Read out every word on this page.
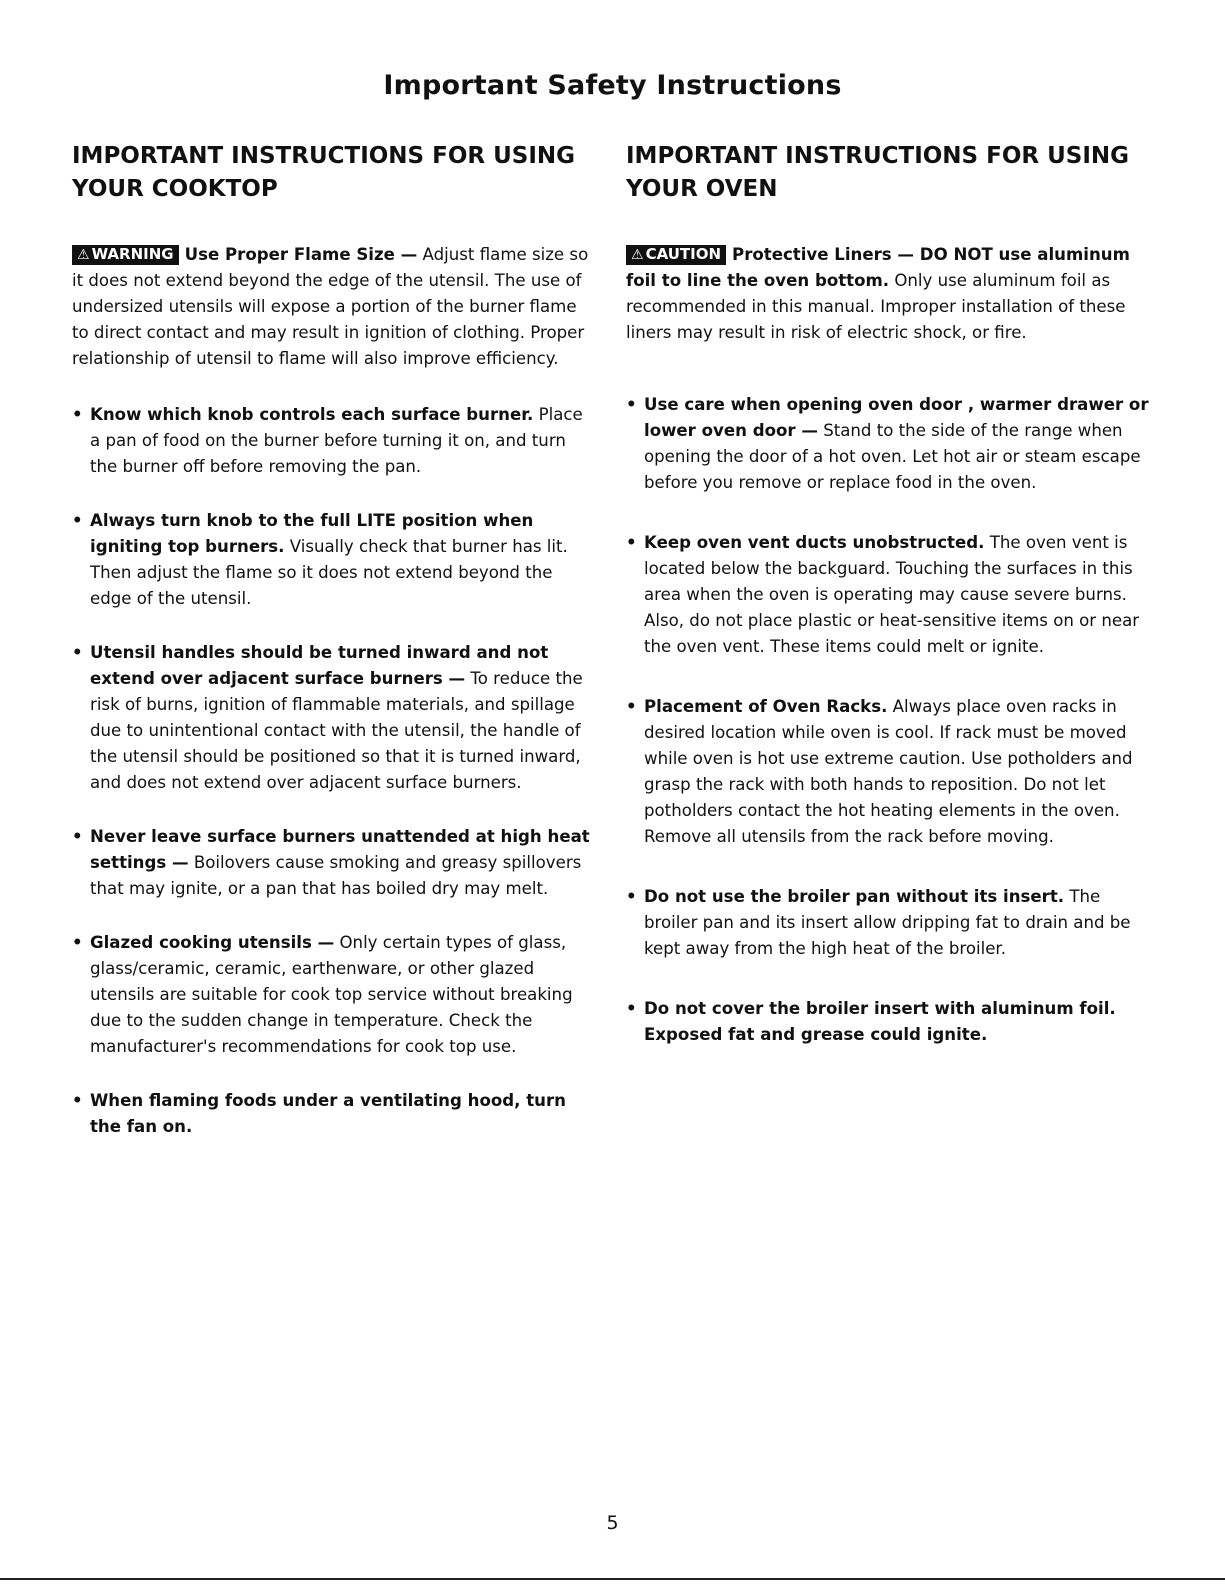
Important Safety Instructions
IMPORTANT INSTRUCTIONS FOR USING YOUR COOKTOP

⚠ WARNING Use Proper Flame Size — Adjust flame size so it does not extend beyond the edge of the utensil. The use of undersized utensils will expose a portion of the burner flame to direct contact and may result in ignition of clothing. Proper relationship of utensil to flame will also improve efficiency.

• Know which knob controls each surface burner. Place a pan of food on the burner before turning it on, and turn the burner off before removing the pan.
• Always turn knob to the full LITE position when igniting top burners. Visually check that burner has lit. Then adjust the flame so it does not extend beyond the edge of the utensil.
• Utensil handles should be turned inward and not extend over adjacent surface burners — To reduce the risk of burns, ignition of flammable materials, and spillage due to unintentional contact with the utensil, the handle of the utensil should be positioned so that it is turned inward, and does not extend over adjacent surface burners.
• Never leave surface burners unattended at high heat settings — Boilovers cause smoking and greasy spillovers that may ignite, or a pan that has boiled dry may melt.
• Glazed cooking utensils — Only certain types of glass, glass/ceramic, ceramic, earthenware, or other glazed utensils are suitable for cook top service without breaking due to the sudden change in temperature. Check the manufacturer's recommendations for cook top use.
• When flaming foods under a ventilating hood, turn the fan on.
IMPORTANT INSTRUCTIONS FOR USING YOUR OVEN

⚠ CAUTION Protective Liners — DO NOT use aluminum foil to line the oven bottom. Only use aluminum foil as recommended in this manual. Improper installation of these liners may result in risk of electric shock, or fire.

• Use care when opening oven door , warmer drawer or lower oven door — Stand to the side of the range when opening the door of a hot oven. Let hot air or steam escape before you remove or replace food in the oven.
• Keep oven vent ducts unobstructed. The oven vent is located below the backguard. Touching the surfaces in this area when the oven is operating may cause severe burns. Also, do not place plastic or heat-sensitive items on or near the oven vent. These items could melt or ignite.
• Placement of Oven Racks. Always place oven racks in desired location while oven is cool. If rack must be moved while oven is hot use extreme caution. Use potholders and grasp the rack with both hands to reposition. Do not let potholders contact the hot heating elements in the oven. Remove all utensils from the rack before moving.
• Do not use the broiler pan without its insert. The broiler pan and its insert allow dripping fat to drain and be kept away from the high heat of the broiler.
• Do not cover the broiler insert with aluminum foil. Exposed fat and grease could ignite.
5
